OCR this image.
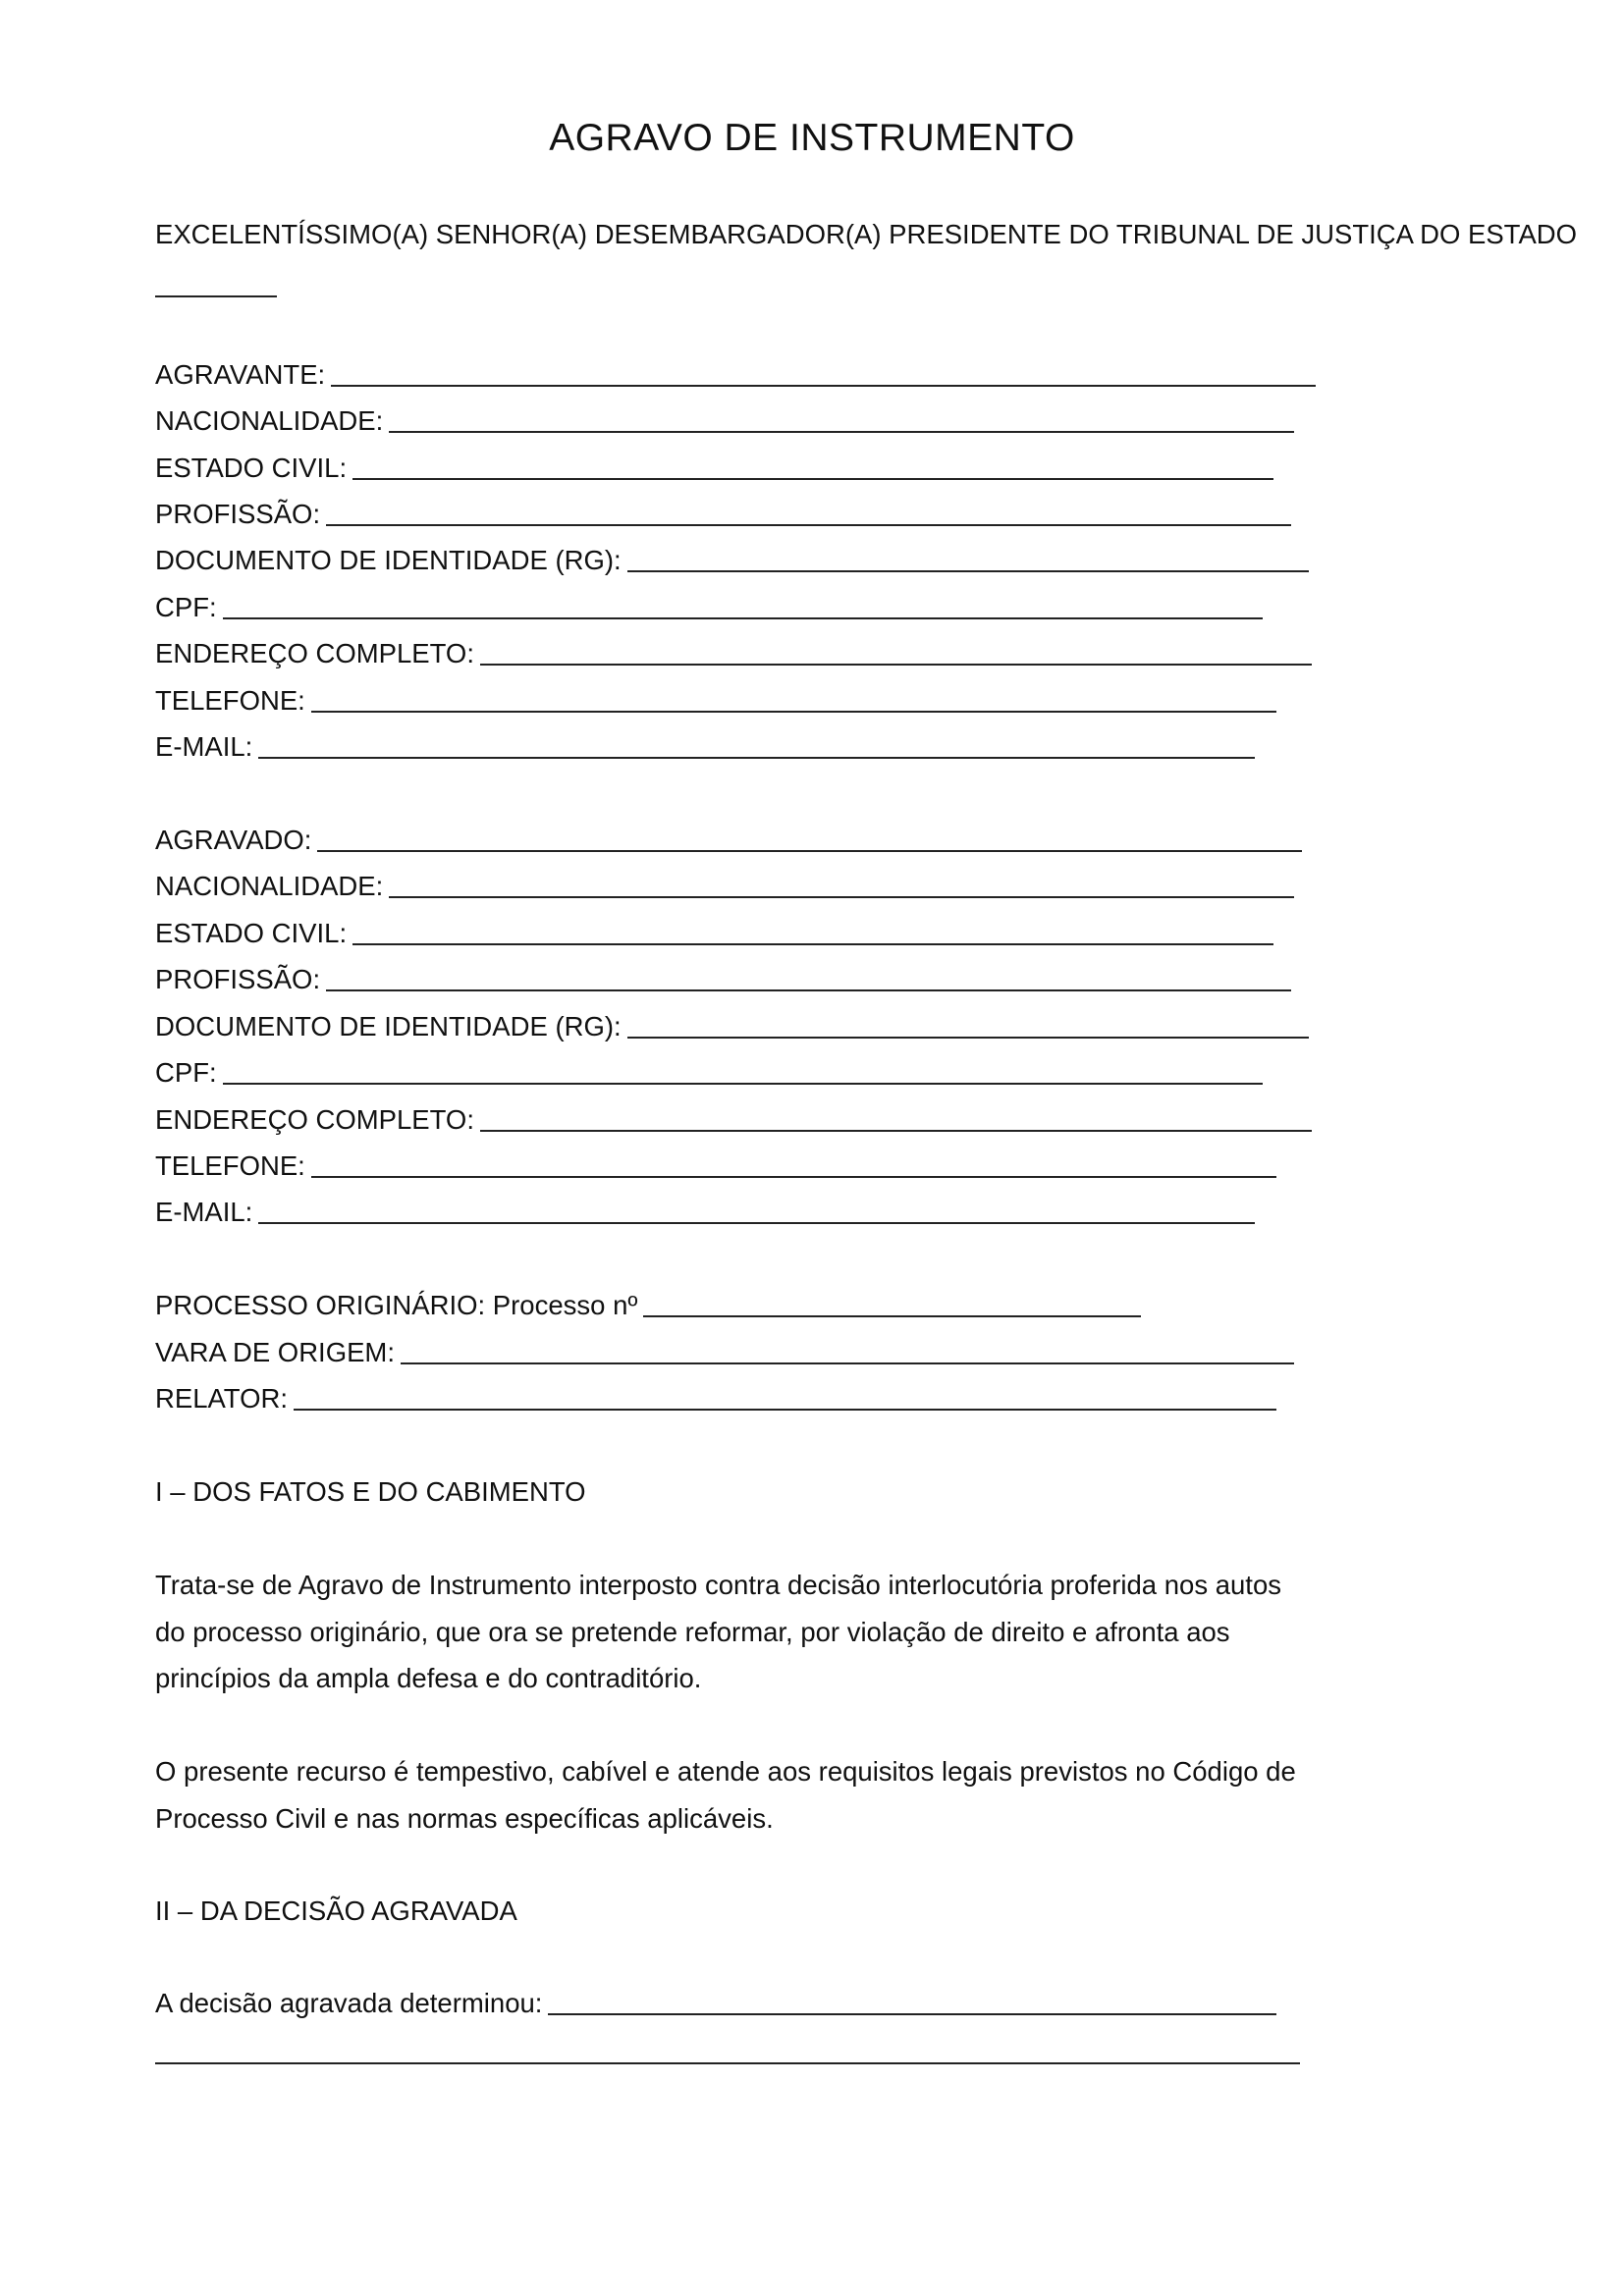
AGRAVO DE INSTRUMENTO

EXCELENTÍSSIMO(A) SENHOR(A) DESEMBARGADOR(A) PRESIDENTE DO TRIBUNAL DE JUSTIÇA DO ESTADO

AGRAVANTE:
NACIONALIDADE:
ESTADO CIVIL:
PROFISSÃO:
DOCUMENTO DE IDENTIDADE (RG):
CPF:
ENDEREÇO COMPLETO:
TELEFONE:
E-MAIL:
AGRAVADO:
NACIONALIDADE:
ESTADO CIVIL:
PROFISSÃO:
DOCUMENTO DE IDENTIDADE (RG):
CPF:
ENDEREÇO COMPLETO:
TELEFONE:
E-MAIL:
PROCESSO ORIGINÁRIO: Processo nº
VARA DE ORIGEM:
RELATOR:
I – DOS FATOS E DO CABIMENTO

Trata-se de Agravo de Instrumento interposto contra decisão interlocutória proferida nos autos
do processo originário, que ora se pretende reformar, por violação de direito e afronta aos
princípios da ampla defesa e do contraditório.

O presente recurso é tempestivo, cabível e atende aos requisitos legais previstos no Código de
Processo Civil e nas normas específicas aplicáveis.

II – DA DECISÃO AGRAVADA
A decisão agravada determinou:
